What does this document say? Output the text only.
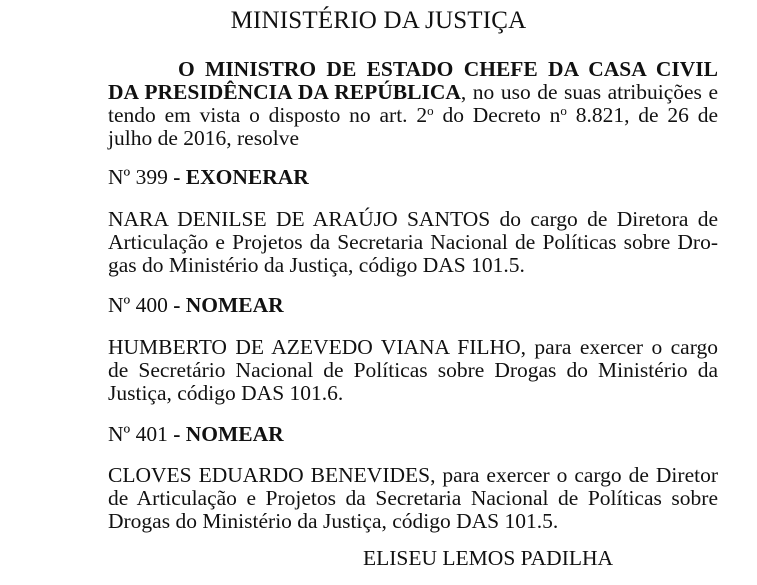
MINISTÉRIO DA JUSTIÇA
O MINISTRO DE ESTADO CHEFE DA CASA CIVIL
DA PRESIDÊNCIA DA REPÚBLICA, no uso de suas atribuições e
tendo em vista o disposto no art. 2$^o$ do Decreto $n^o$ 8.821, de 26 de
julho de 2016, resolve
Nº 399 - EXONERAR
NARA DENILSE DE ARAÚJO SANTOS do cargo de Diretora de
Articulação e Projetos da Secretaria Nacional de Políticas sobre Dro-
gas do Ministério da Justiça, código DAS 101.5.
Nº 400 - NOMEAR
HUMBERTO DE AZEVEDO VIANA FILHO, para exercer o cargo
de Secretário Nacional de Políticas sobre Drogas do Ministério da
Justiça, código DAS 101.6.
Nº 401 - NOMEAR
CLOVES EDUARDO BENEVIDES, para exercer o cargo de Diretor
de Articulação e Projetos da Secretaria Nacional de Políticas sobre
Drogas do Ministério da Justiça, código DAS 101.5.
ELISEU LEMOS PADILHA
